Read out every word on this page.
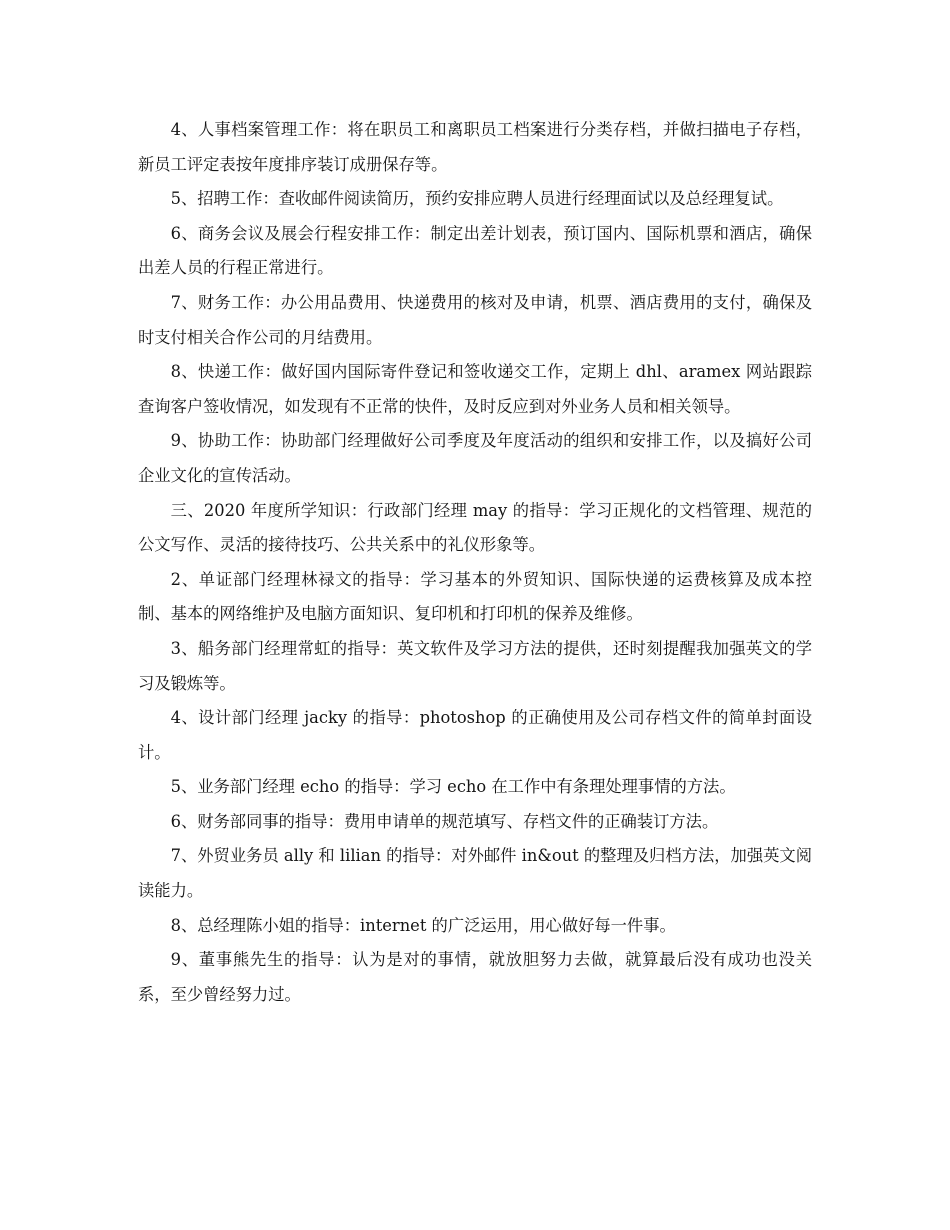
4、人事档案管理工作：将在职员工和离职员工档案进行分类存档，并做扫描电子存档，新员工评定表按年度排序装订成册保存等。

5、招聘工作：查收邮件阅读简历，预约安排应聘人员进行经理面试以及总经理复试。

6、商务会议及展会行程安排工作：制定出差计划表，预订国内、国际机票和酒店，确保出差人员的行程正常进行。

7、财务工作：办公用品费用、快递费用的核对及申请，机票、酒店费用的支付，确保及时支付相关合作公司的月结费用。

8、快递工作：做好国内国际寄件登记和签收递交工作，定期上 dhl、aramex 网站跟踪查询客户签收情况，如发现有不正常的快件，及时反应到对外业务人员和相关领导。

9、协助工作：协助部门经理做好公司季度及年度活动的组织和安排工作，以及搞好公司企业文化的宣传活动。

三、2020 年度所学知识：行政部门经理 may 的指导：学习正规化的文档管理、规范的公文写作、灵活的接待技巧、公共关系中的礼仪形象等。

2、单证部门经理林禄文的指导：学习基本的外贸知识、国际快递的运费核算及成本控制、基本的网络维护及电脑方面知识、复印机和打印机的保养及维修。

3、船务部门经理常虹的指导：英文软件及学习方法的提供，还时刻提醒我加强英文的学习及锻炼等。

4、设计部门经理 jacky 的指导：photoshop 的正确使用及公司存档文件的简单封面设计。

5、业务部门经理 echo 的指导：学习 echo 在工作中有条理处理事情的方法。

6、财务部同事的指导：费用申请单的规范填写、存档文件的正确装订方法。

7、外贸业务员 ally 和 lilian 的指导：对外邮件 in&out 的整理及归档方法，加强英文阅读能力。

8、总经理陈小姐的指导：internet 的广泛运用，用心做好每一件事。

9、董事熊先生的指导：认为是对的事情，就放胆努力去做，就算最后没有成功也没关系，至少曾经努力过。
